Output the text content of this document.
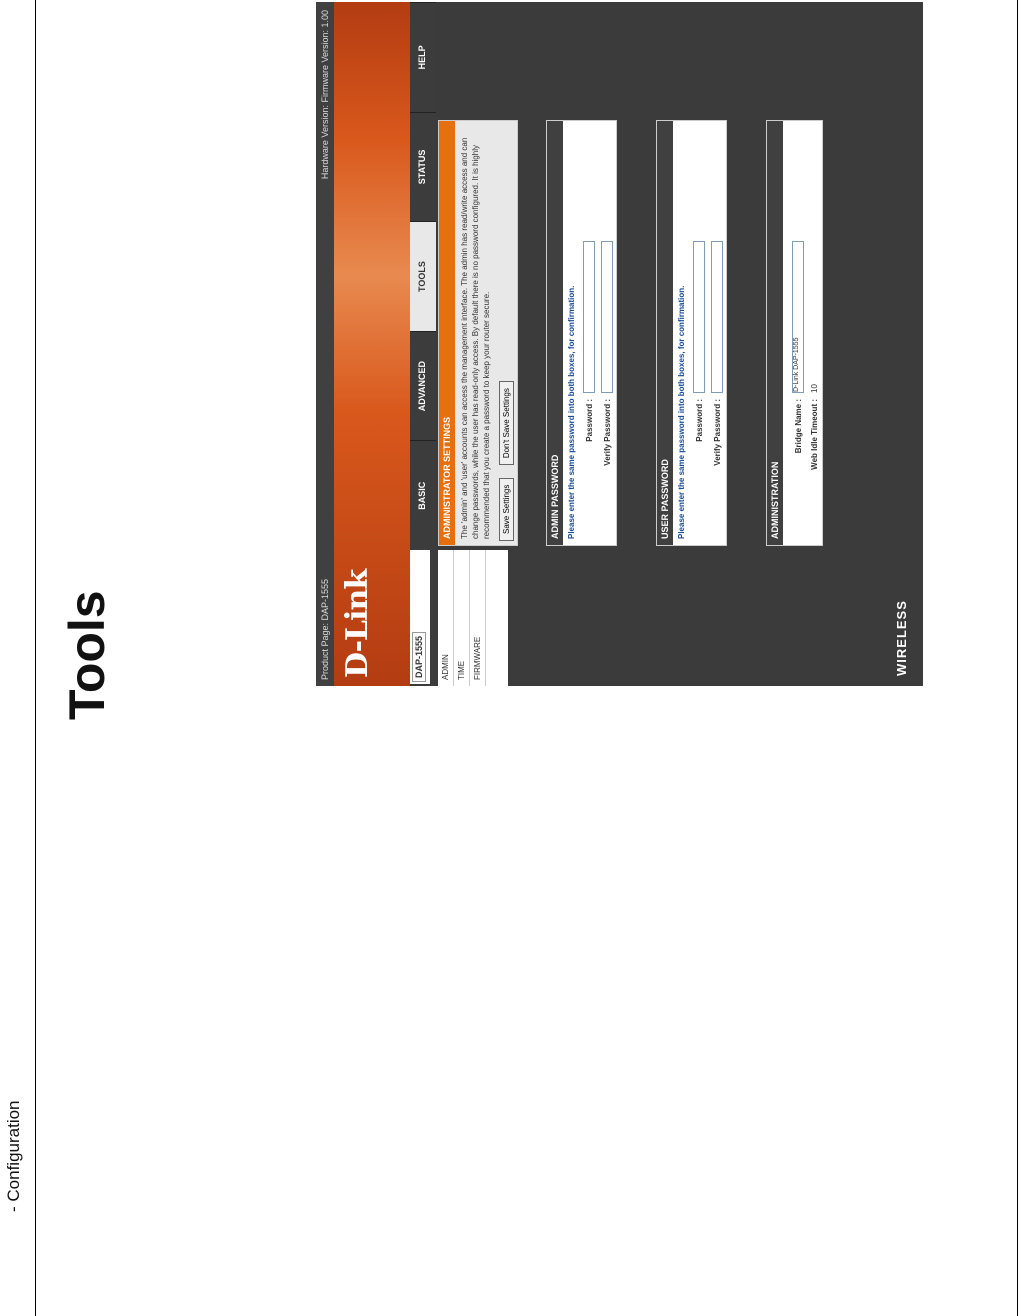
- Configuration
Tools	Product Page: DAP-1555
Hardware Version: Firmware Version: 1.00
D-Link	DAP-1555
BASIC
ADVANCED
TOOLS
STATUS
HELP
ADMIN TIME FIRMWARE	WIRELESS
ADMINISTRATOR SETTINGS	The 'admin' and 'user' accounts can access the management interface. The admin has read/write access and can change passwords, while the user has read-only access. By default there is no password configured. It is highly recommended that you create a password to keep your router secure.	Save Settings Don't Save Settings
ADMIN PASSWORD Please enter the same password into both boxes, for confirmation.	Password : Verify Password :
USER PASSWORD Please enter the same password into both boxes, for confirmation.	Password : Verify Password :
ADMINISTRATION
Bridge Name :
D-Link DAP-1555
Web Idle Timeout :
10
